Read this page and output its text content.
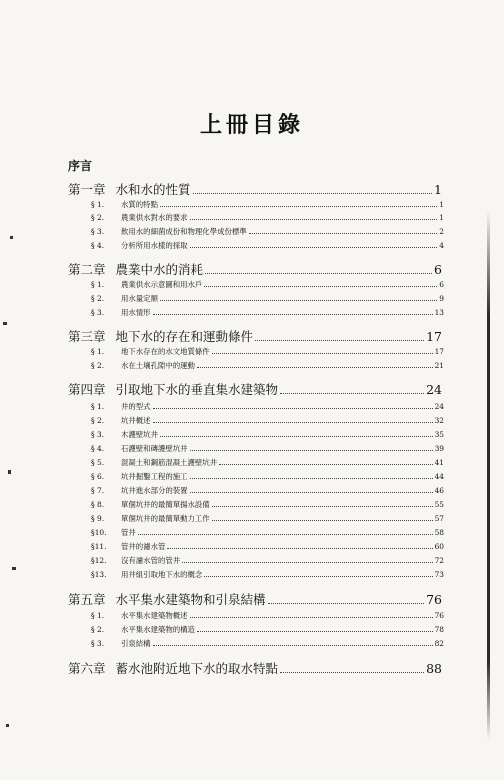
上冊目錄
序言
第一章 水和水的性質	1
§ 1.	水質的特點	1
§ 2.	農業供水對水的要求	1
§ 3.	飲用水的細菌成份和物理化學成份標準	2
§ 4.	分析所用水樣的採取	4
第二章 農業中水的消耗	6
§ 1.	農業供水示意圖和用水戶	6
§ 2.	用水量定額	9
§ 3.	用水情形	13
第三章 地下水的存在和運動條件	17
§ 1.	地下水存在的水文地質條件	17
§ 2.	水在土壤孔隙中的運動	21
第四章 引取地下水的垂直集水建築物	24
§ 1.	井的型式	24
§ 2.	坑井概述	32
§ 3.	木護壁坑井	35
§ 4.	石護壁和磚護壁坑井	39
§ 5.	混凝土和鋼筋混凝土護壁坑井	41
§ 6.	坑井掘鑿工程的施工	44
§ 7.	坑井進水部分的裝置	46
§ 8.	單個坑井的最簡單揚水設備	55
§ 9.	單個坑井的最簡單動力工作	57
§10.	管井	58
§11.	管井的濾水管	60
§12.	沒有濾水管的管井	72
§13.	用井組引取地下水的概念	73
第五章 水平集水建築物和引泉結構	76
§ 1.	水平集水建築物概述	76
§ 2.	水平集水建築物的構造	78
§ 3.	引泉結構	82
第六章 蓄水池附近地下水的取水特點	88
